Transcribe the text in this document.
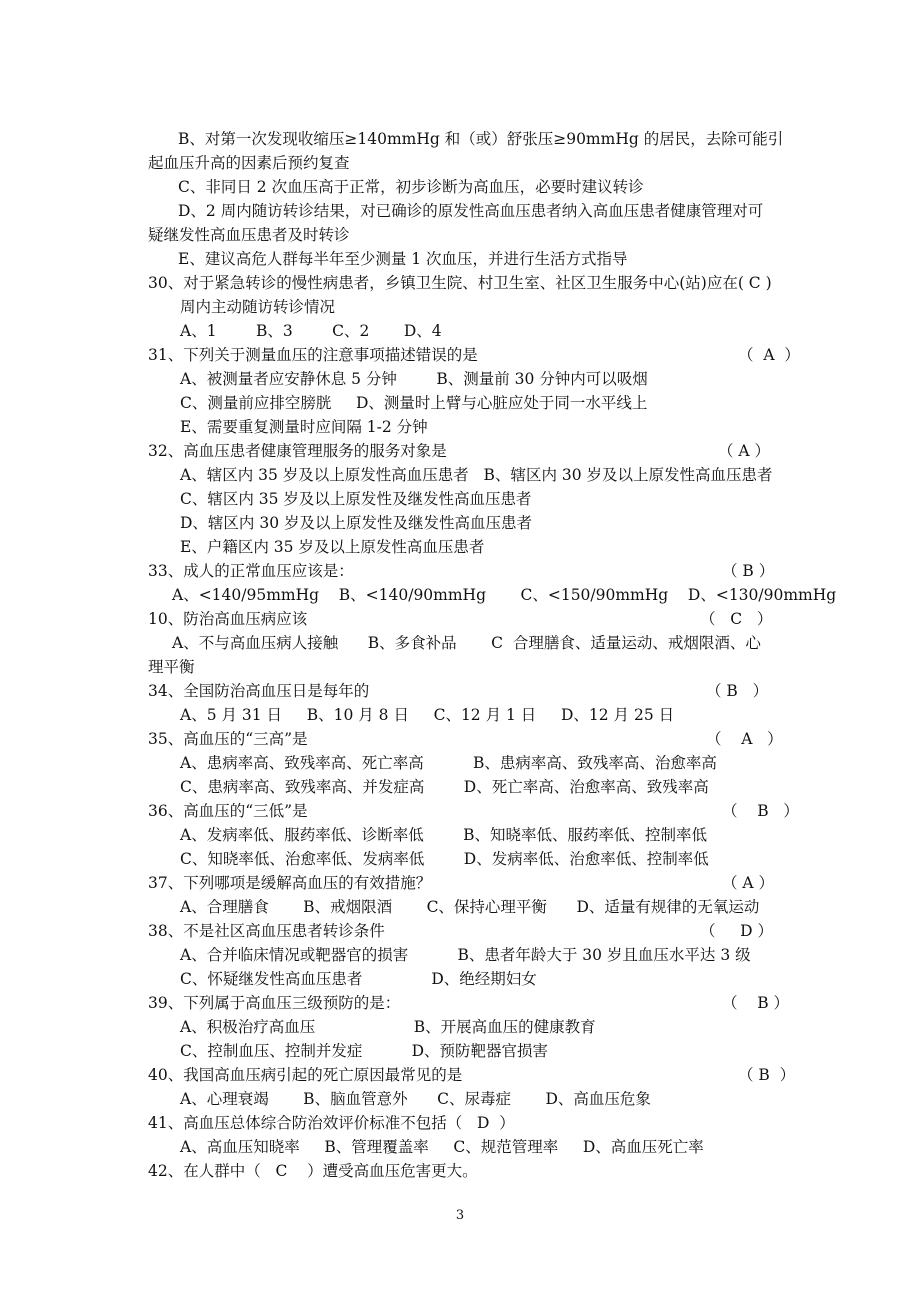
B、对第一次发现收缩压≥140mmHg 和（或）舒张压≥90mmHg 的居民，去除可能引
起血压升高的因素后预约复查
C、非同日 2 次血压高于正常，初步诊断为高血压，必要时建议转诊
D、2 周内随访转诊结果，对已确诊的原发性高血压患者纳入高血压患者健康管理对可
疑继发性高血压患者及时转诊
E、建议高危人群每半年至少测量 1 次血压，并进行生活方式指导
30、对于紧急转诊的慢性病患者，乡镇卫生院、村卫生室、社区卫生服务中心(站)应在( C )
周内主动随访转诊情况
A、1        B、3        C、2       D、4
31、下列关于测量血压的注意事项描述错误的是	（  A  ）
A、被测量者应安静休息 5 分钟        B、测量前 30 分钟内可以吸烟
C、测量前应排空膀胱     D、测量时上臂与心脏应处于同一水平线上
E、需要重复测量时应间隔 1-2 分钟
32、高血压患者健康管理服务的服务对象是	（ A ）
A、辖区内 35 岁及以上原发性高血压患者   B、辖区内 30 岁及以上原发性高血压患者
C、辖区内 35 岁及以上原发性及继发性高血压患者
D、辖区内 30 岁及以上原发性及继发性高血压患者
E、户籍区内 35 岁及以上原发性高血压患者
33、成人的正常血压应该是：	（ B ）
A、<140/95mmHg    B、<140/90mmHg       C、<150/90mmHg    D、<130/90mmHg
10、防治高血压病应该	（   C   ）
A、不与高血压病人接触      B、多食补品       C  合理膳食、适量运动、戒烟限酒、心
理平衡
34、全国防治高血压日是每年的	（ B   ）
A、5 月 31 日     B、10 月 8 日     C、12 月 1 日     D、12 月 25 日
35、高血压的“三高”是	（    A   ）
A、患病率高、致残率高、死亡率高          B、患病率高、致残率高、治愈率高
C、患病率高、致残率高、并发症高        D、死亡率高、治愈率高、致残率高
36、高血压的“三低”是	（    B   ）
A、发病率低、服药率低、诊断率低        B、知晓率低、服药率低、控制率低
C、知晓率低、治愈率低、发病率低        D、发病率低、治愈率低、控制率低
37、下列哪项是缓解高血压的有效措施？	（ A ）
A、合理膳食       B、戒烟限酒       C、保持心理平衡      D、适量有规律的无氧运动
38、不是社区高血压患者转诊条件	（     D ）
A、合并临床情况或靶器官的损害          B、患者年龄大于 30 岁且血压水平达 3 级
C、怀疑继发性高血压患者              D、绝经期妇女
39、下列属于高血压三级预防的是：	（    B ）
A、积极治疗高血压                    B、开展高血压的健康教育
C、控制血压、控制并发症          D、预防靶器官损害
40、我国高血压病引起的死亡原因最常见的是	（ B  ）
A、心理衰竭       B、脑血管意外      C、尿毒症       D、高血压危象
41、高血压总体综合防治效评价标准不包括（   D  ）
A、高血压知晓率     B、管理覆盖率     C、规范管理率     D、高血压死亡率
42、在人群中（   C    ）遭受高血压危害更大。
3
